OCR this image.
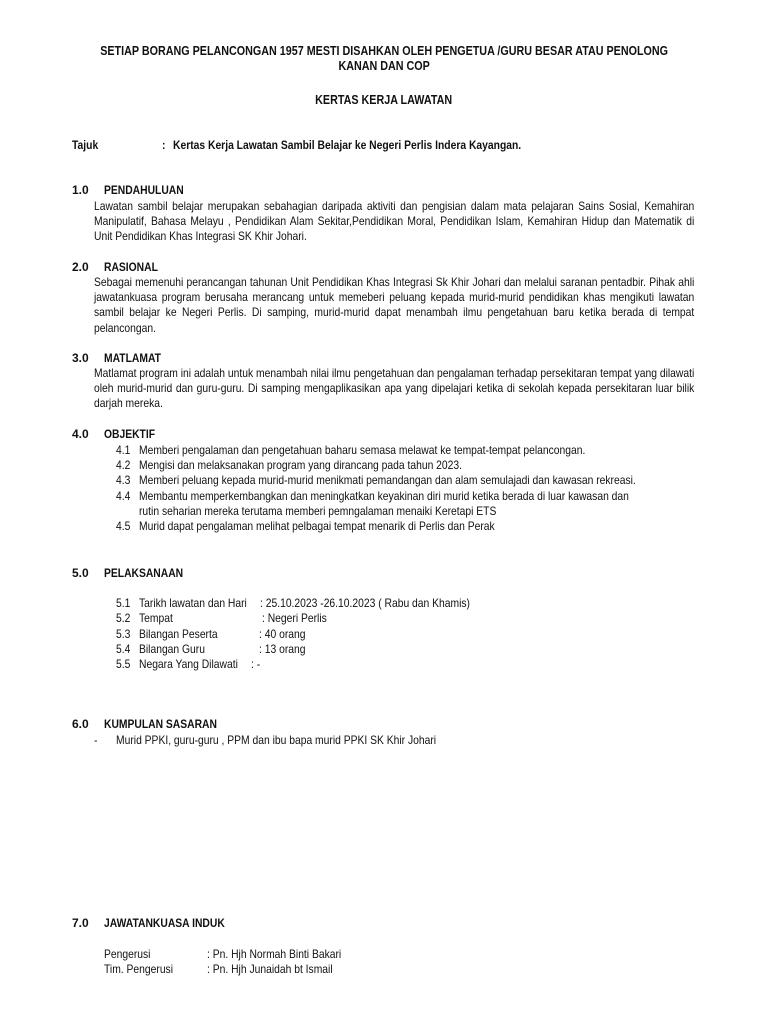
SETIAP BORANG PELANCONGAN 1957 MESTI DISAHKAN OLEH PENGETUA /GURU BESAR ATAU PENOLONG
KANAN DAN COP
KERTAS KERJA LAWATAN
Tajuk	: Kertas Kerja Lawatan Sambil Belajar ke Negeri Perlis Indera Kayangan.
1.0 PENDAHULUAN
Lawatan sambil belajar merupakan sebahagian daripada aktiviti dan pengisian dalam mata pelajaran Sains Sosial, Kemahiran Manipulatif, Bahasa Melayu , Pendidikan Alam Sekitar,Pendidikan Moral, Pendidikan Islam, Kemahiran Hidup dan Matematik di Unit Pendidikan Khas Integrasi SK Khir Johari.
2.0 RASIONAL
Sebagai memenuhi perancangan tahunan Unit Pendidikan Khas Integrasi Sk Khir Johari dan melalui saranan pentadbir. Pihak ahli jawatankuasa program berusaha merancang untuk memeberi peluang kepada murid-murid pendidikan khas mengikuti lawatan sambil belajar ke Negeri Perlis. Di samping, murid-murid dapat menambah ilmu pengetahuan baru ketika berada di tempat pelancongan.
3.0 MATLAMAT
Matlamat program ini adalah untuk menambah nilai ilmu pengetahuan dan pengalaman terhadap persekitaran tempat yang dilawati oleh murid-murid dan guru-guru. Di samping mengaplikasikan apa yang dipelajari ketika di sekolah kepada persekitaran luar bilik darjah mereka.
4.0 OBJEKTIF
4.1 Memberi pengalaman dan pengetahuan baharu semasa melawat ke tempat-tempat pelancongan.
4.2 Mengisi dan melaksanakan program yang dirancang pada tahun 2023.
4.3 Memberi peluang kepada murid-murid menikmati pemandangan dan alam semulajadi dan kawasan rekreasi.
4.4 Membantu memperkembangkan dan meningkatkan keyakinan diri murid ketika berada di luar kawasan dan
rutin seharian mereka terutama memberi pemngalaman menaiki Keretapi ETS
4.5 Murid dapat pengalaman melihat pelbagai tempat menarik di Perlis dan Perak
5.0 PELAKSANAAN
5.1 Tarikh lawatan dan Hari : 25.10.2023 -26.10.2023 ( Rabu dan Khamis)
5.2 Tempat	: Negeri Perlis
5.3 Bilangan Peserta	: 40 orang
5.4 Bilangan Guru	: 13 orang
5.5 Negara Yang Dilawati : -
6.0 KUMPULAN SASARAN
- Murid PPKI, guru-guru , PPM dan ibu bapa murid PPKI SK Khir Johari
7.0 JAWATANKUASA INDUK
Pengerusi	: Pn. Hjh Normah Binti Bakari
Tim. Pengerusi	: Pn. Hjh Junaidah bt Ismail
